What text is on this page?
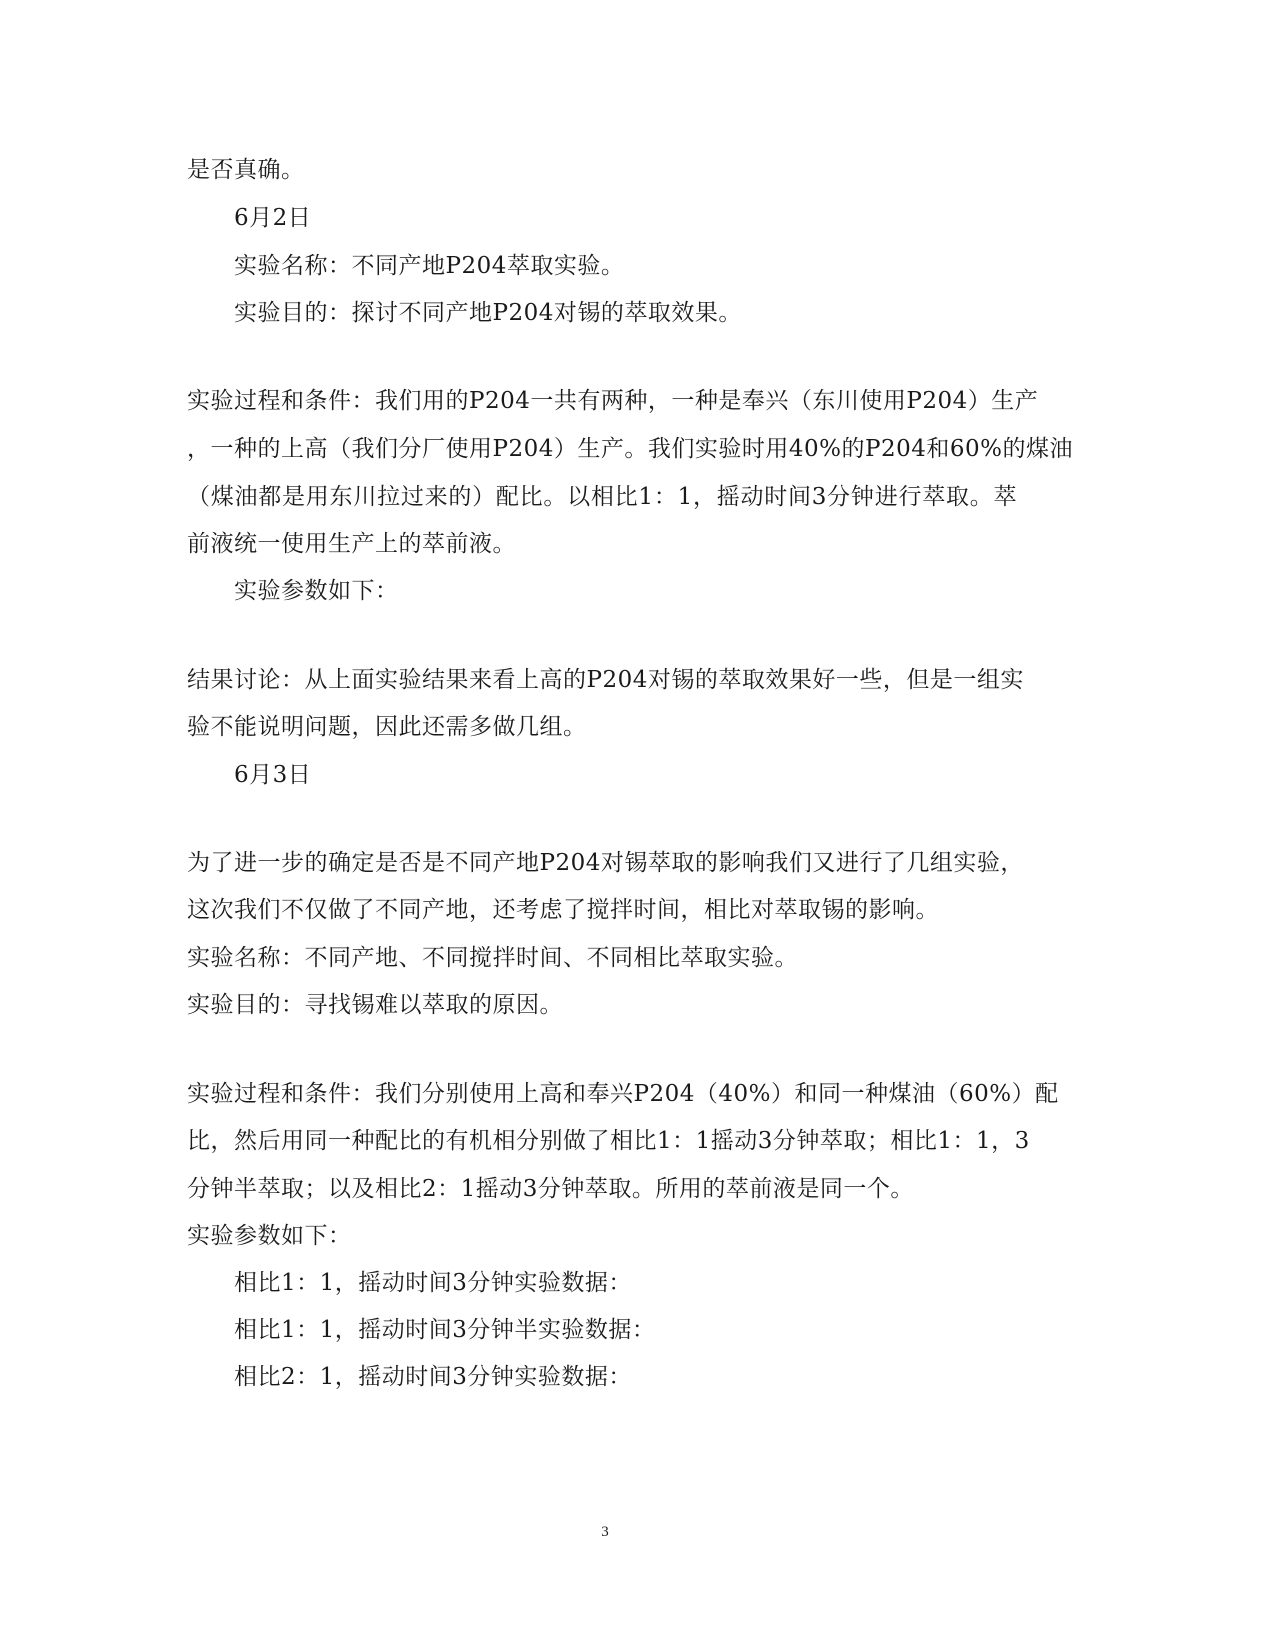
是否真确。
6月2日
实验名称：不同产地P204萃取实验。
实验目的：探讨不同产地P204对锡的萃取效果。
实验过程和条件：我们用的P204一共有两种，一种是奉兴（东川使用P204）生产
，一种的上高（我们分厂使用P204）生产。我们实验时用40%的P204和60%的煤油
（煤油都是用东川拉过来的）配比。以相比1：1，摇动时间3分钟进行萃取。萃
前液统一使用生产上的萃前液。
实验参数如下：
结果讨论：从上面实验结果来看上高的P204对锡的萃取效果好一些，但是一组实
验不能说明问题，因此还需多做几组。
6月3日
为了进一步的确定是否是不同产地P204对锡萃取的影响我们又进行了几组实验，
这次我们不仅做了不同产地，还考虑了搅拌时间，相比对萃取锡的影响。
实验名称：不同产地、不同搅拌时间、不同相比萃取实验。
实验目的：寻找锡难以萃取的原因。
实验过程和条件：我们分别使用上高和奉兴P204（40%）和同一种煤油（60%）配
比，然后用同一种配比的有机相分别做了相比1：1摇动3分钟萃取；相比1：1，3
分钟半萃取；以及相比2：1摇动3分钟萃取。所用的萃前液是同一个。
实验参数如下：
相比1：1，摇动时间3分钟实验数据：
相比1：1，摇动时间3分钟半实验数据：
相比2：1，摇动时间3分钟实验数据：
3
